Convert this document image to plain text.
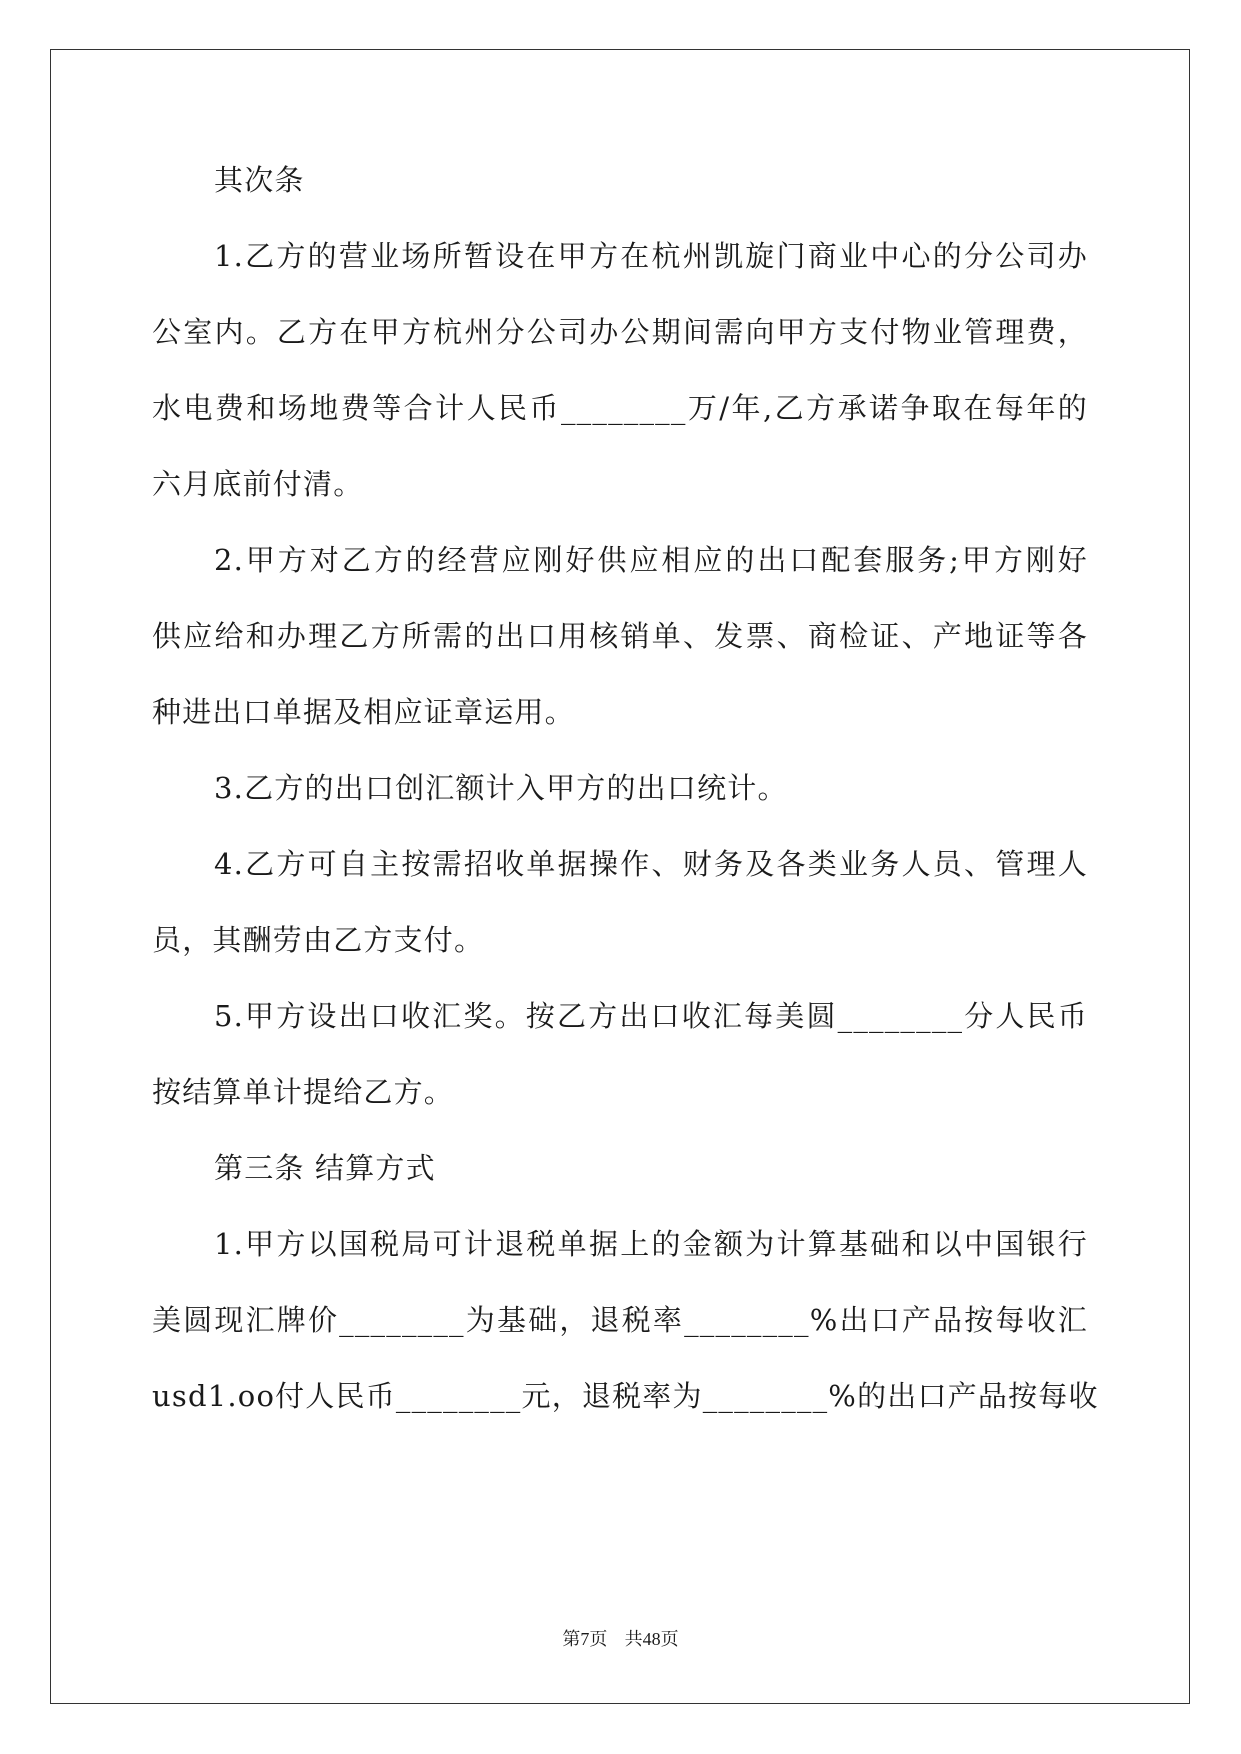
其次条
1.乙方的营业场所暂设在甲方在杭州凯旋门商业中心的分公司办
公室内。乙方在甲方杭州分公司办公期间需向甲方支付物业管理费，
水电费和场地费等合计人民币________万/年,乙方承诺争取在每年的
六月底前付清。
2.甲方对乙方的经营应刚好供应相应的出口配套服务;甲方刚好
供应给和办理乙方所需的出口用核销单、发票、商检证、产地证等各
种进出口单据及相应证章运用。
3.乙方的出口创汇额计入甲方的出口统计。
4.乙方可自主按需招收单据操作、财务及各类业务人员、管理人
员，其酬劳由乙方支付。
5.甲方设出口收汇奖。按乙方出口收汇每美圆________分人民币
按结算单计提给乙方。
第三条 结算方式
1.甲方以国税局可计退税单据上的金额为计算基础和以中国银行
美圆现汇牌价________为基础，退税率________%出口产品按每收汇
usd1.oo付人民币________元，退税率为________%的出口产品按每收
第7页 共48页
